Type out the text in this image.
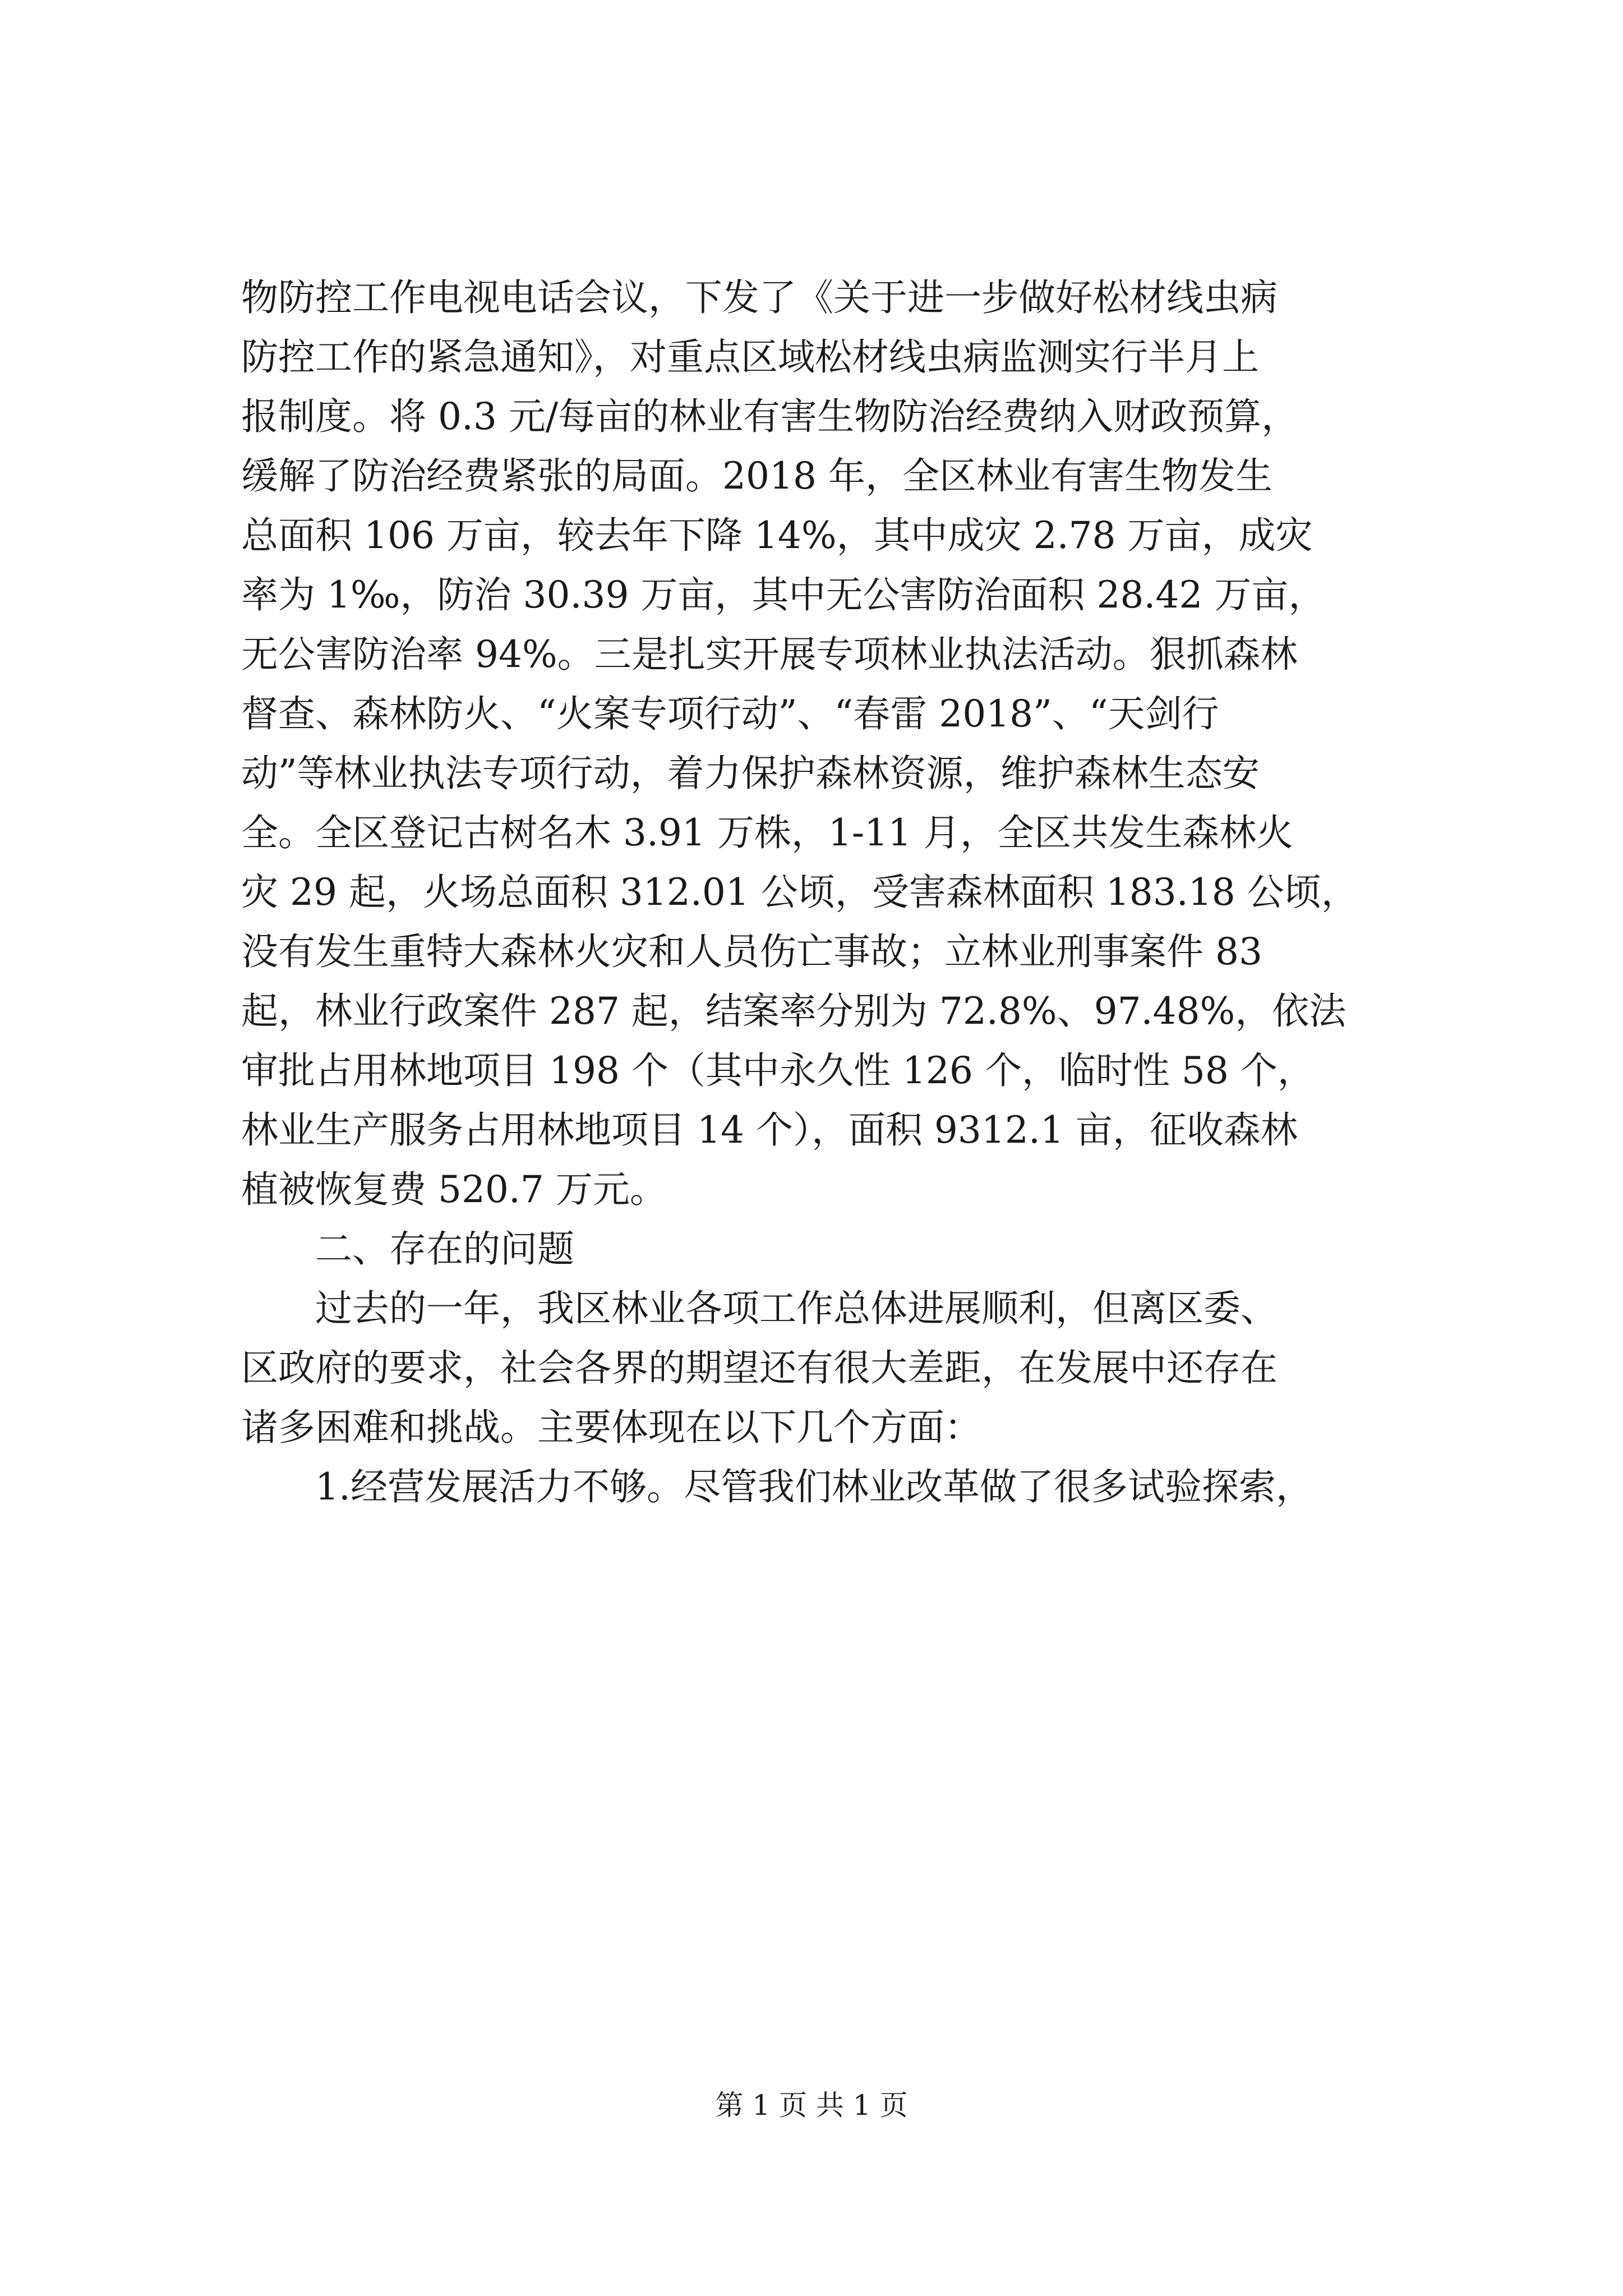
物防控工作电视电话会议，下发了《关于进一步做好松材线虫病
防控工作的紧急通知》，对重点区域松材线虫病监测实行半月上
报制度。将 0.3 元/每亩的林业有害生物防治经费纳入财政预算，
缓解了防治经费紧张的局面。2018 年，全区林业有害生物发生
总面积 106 万亩，较去年下降 14%，其中成灾 2.78 万亩，成灾
率为 1‰，防治 30.39 万亩，其中无公害防治面积 28.42 万亩，
无公害防治率 94%。三是扎实开展专项林业执法活动。狠抓森林
督查、森林防火、“火案专项行动”、“春雷 2018”、“天剑行
动”等林业执法专项行动，着力保护森林资源，维护森林生态安
全。全区登记古树名木 3.91 万株，1-11 月，全区共发生森林火
灾 29 起，火场总面积 312.01 公顷，受害森林面积 183.18 公顷，
没有发生重特大森林火灾和人员伤亡事故；立林业刑事案件 83
起，林业行政案件 287 起，结案率分别为 72.8%、97.48%，依法
审批占用林地项目 198 个（其中永久性 126 个，临时性 58 个，
林业生产服务占用林地项目 14 个），面积 9312.1 亩，征收森林
植被恢复费 520.7 万元。
二、存在的问题
过去的一年，我区林业各项工作总体进展顺利，但离区委、
区政府的要求，社会各界的期望还有很大差距，在发展中还存在
诸多困难和挑战。主要体现在以下几个方面：
1.经营发展活力不够。尽管我们林业改革做了很多试验探索，
第 1 页 共 1 页
